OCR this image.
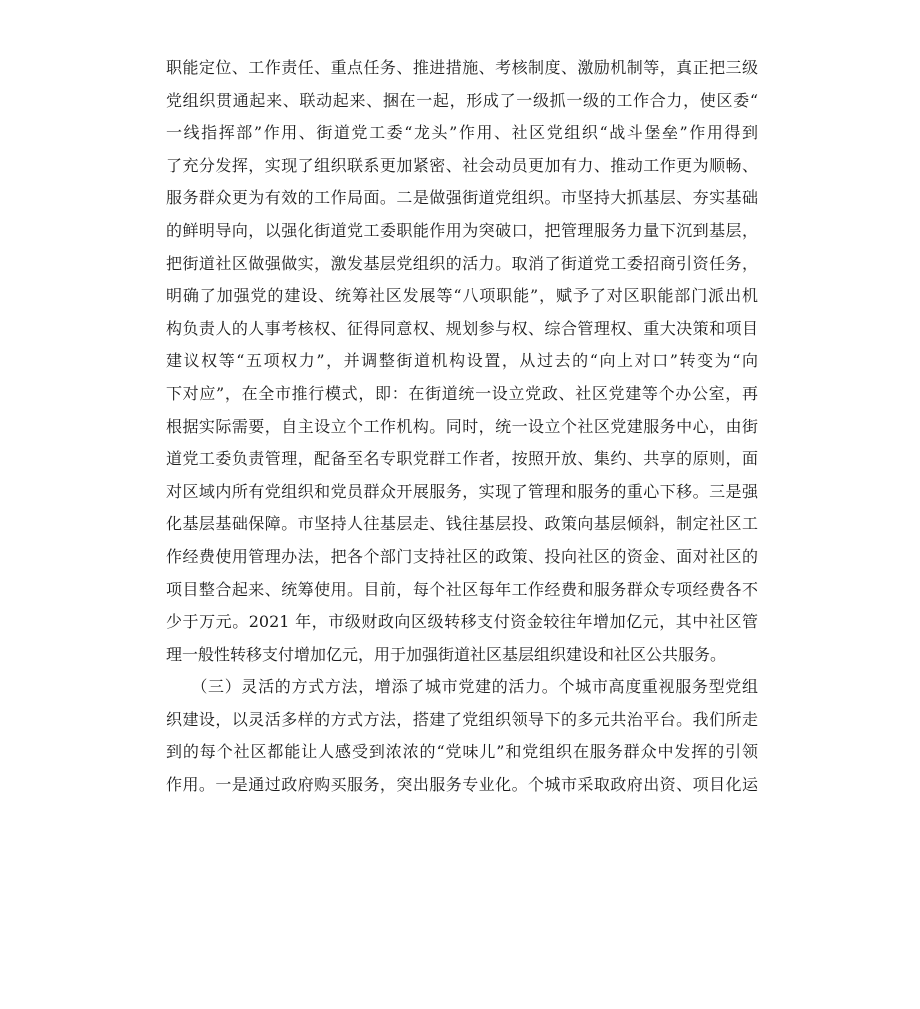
职能定位、工作责任、重点任务、推进措施、考核制度、激励机制等，真正把三级
党组织贯通起来、联动起来、捆在一起，形成了一级抓一级的工作合力，使区委“
一线指挥部”作用、街道党工委“龙头”作用、社区党组织“战斗堡垒”作用得到
了充分发挥，实现了组织联系更加紧密、社会动员更加有力、推动工作更为顺畅、
服务群众更为有效的工作局面。二是做强街道党组织。市坚持大抓基层、夯实基础
的鲜明导向，以强化街道党工委职能作用为突破口，把管理服务力量下沉到基层，
把街道社区做强做实，激发基层党组织的活力。取消了街道党工委招商引资任务，
明确了加强党的建设、统筹社区发展等“八项职能”，赋予了对区职能部门派出机
构负责人的人事考核权、征得同意权、规划参与权、综合管理权、重大决策和项目
建议权等“五项权力”，并调整街道机构设置，从过去的“向上对口”转变为“向
下对应”，在全市推行模式，即：在街道统一设立党政、社区党建等个办公室，再
根据实际需要，自主设立个工作机构。同时，统一设立个社区党建服务中心，由街
道党工委负责管理，配备至名专职党群工作者，按照开放、集约、共享的原则，面
对区域内所有党组织和党员群众开展服务，实现了管理和服务的重心下移。三是强
化基层基础保障。市坚持人往基层走、钱往基层投、政策向基层倾斜，制定社区工
作经费使用管理办法，把各个部门支持社区的政策、投向社区的资金、面对社区的
项目整合起来、统筹使用。目前，每个社区每年工作经费和服务群众专项经费各不
少于万元。2021 年，市级财政向区级转移支付资金较往年增加亿元，其中社区管
理一般性转移支付增加亿元，用于加强街道社区基层组织建设和社区公共服务。
　　（三）灵活的方式方法，增添了城市党建的活力。个城市高度重视服务型党组
织建设，以灵活多样的方式方法，搭建了党组织领导下的多元共治平台。我们所走
到的每个社区都能让人感受到浓浓的“党味儿”和党组织在服务群众中发挥的引领
作用。一是通过政府购买服务，突出服务专业化。个城市采取政府出资、项目化运
